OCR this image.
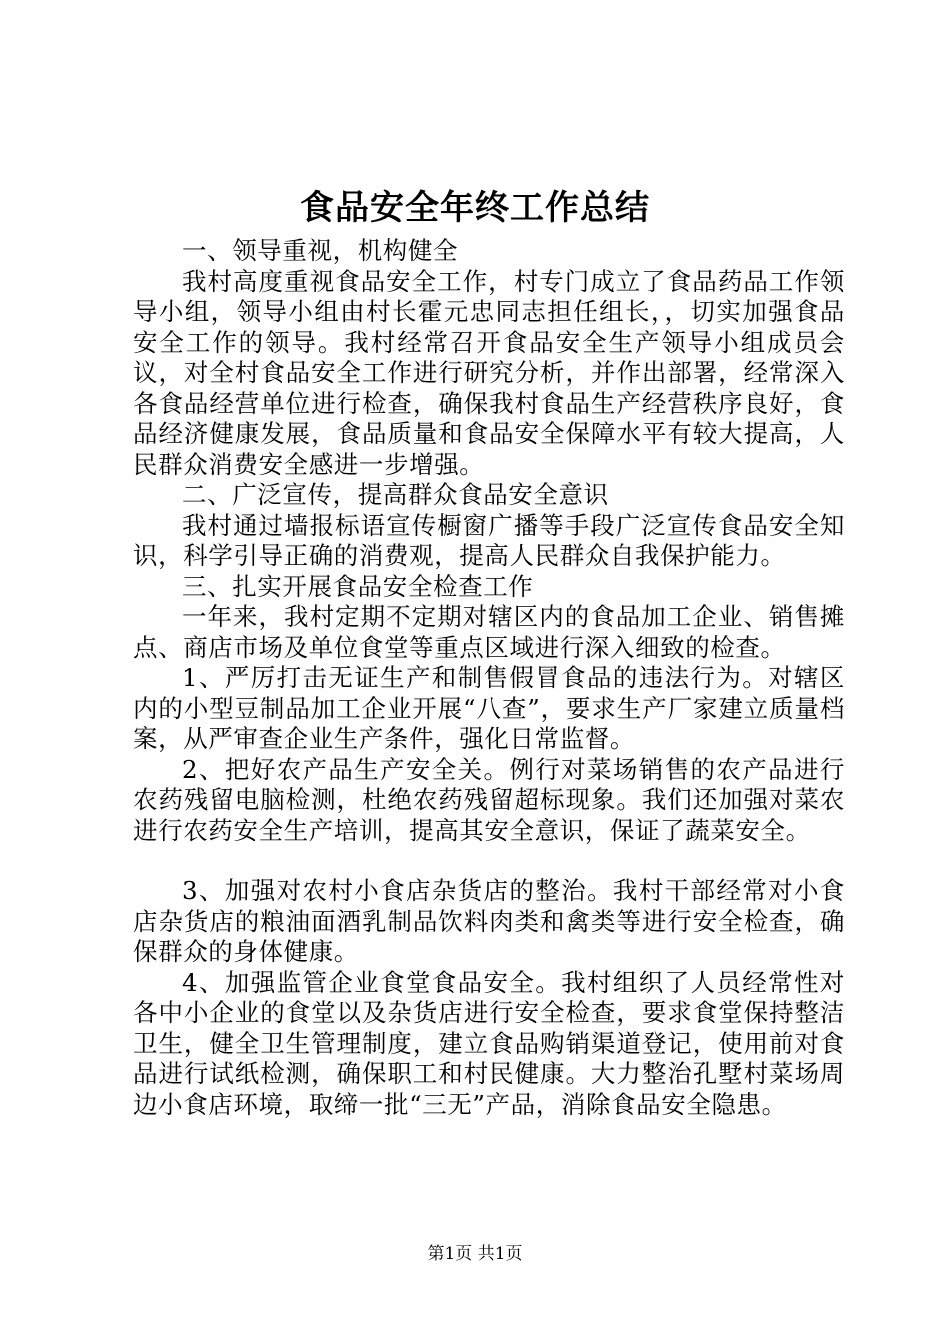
食品安全年终工作总结

一、领导重视，机构健全

我村高度重视食品安全工作，村专门成立了食品药品工作领导小组，领导小组由村长霍元忠同志担任组长，，切实加强食品安全工作的领导。我村经常召开食品安全生产领导小组成员会议，对全村食品安全工作进行研究分析，并作出部署，经常深入各食品经营单位进行检查，确保我村食品生产经营秩序良好，食品经济健康发展，食品质量和食品安全保障水平有较大提高，人民群众消费安全感进一步增强。

二、广泛宣传，提高群众食品安全意识

我村通过墙报标语宣传橱窗广播等手段广泛宣传食品安全知识，科学引导正确的消费观，提高人民群众自我保护能力。

三、扎实开展食品安全检查工作

一年来，我村定期不定期对辖区内的食品加工企业、销售摊点、商店市场及单位食堂等重点区域进行深入细致的检查。

1、严厉打击无证生产和制售假冒食品的违法行为。对辖区内的小型豆制品加工企业开展“八查”，要求生产厂家建立质量档案，从严审查企业生产条件，强化日常监督。

2、把好农产品生产安全关。例行对菜场销售的农产品进行农药残留电脑检测，杜绝农药残留超标现象。我们还加强对菜农进行农药安全生产培训，提高其安全意识，保证了蔬菜安全。

3、加强对农村小食店杂货店的整治。我村干部经常对小食店杂货店的粮油面酒乳制品饮料肉类和禽类等进行安全检查，确保群众的身体健康。

4、加强监管企业食堂食品安全。我村组织了人员经常性对各中小企业的食堂以及杂货店进行安全检查，要求食堂保持整洁卫生，健全卫生管理制度，建立食品购销渠道登记，使用前对食品进行试纸检测，确保职工和村民健康。大力整治孔墅村菜场周边小食店环境，取缔一批“三无”产品，消除食品安全隐患。

第1页 共1页
